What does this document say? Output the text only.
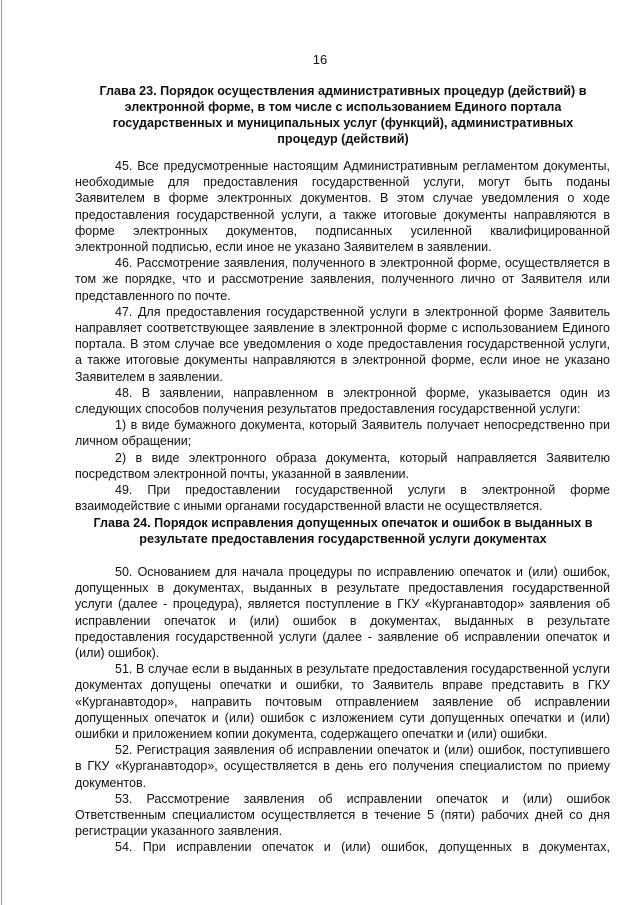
16
Глава 23. Порядок осуществления административных процедур (действий) в электронной форме, в том числе с использованием Единого портала государственных и муниципальных услуг (функций), административных процедур (действий)

45. Все предусмотренные настоящим Административным регламентом документы, необходимые для предоставления государственной услуги, могут быть поданы Заявителем в форме электронных документов. В этом случае уведомления о ходе предоставления государственной услуги, а также итоговые документы направляются в форме электронных документов, подписанных усиленной квалифицированной электронной подписью, если иное не указано Заявителем в заявлении.

46. Рассмотрение заявления, полученного в электронной форме, осуществляется в том же порядке, что и рассмотрение заявления, полученного лично от Заявителя или представленного по почте.

47. Для предоставления государственной услуги в электронной форме Заявитель направляет соответствующее заявление в электронной форме с использованием Единого портала. В этом случае все уведомления о ходе предоставления государственной услуги, а также итоговые документы направляются в электронной форме, если иное не указано Заявителем в заявлении.

48. В заявлении, направленном в электронной форме, указывается один из следующих способов получения результатов предоставления государственной услуги:

1) в виде бумажного документа, который Заявитель получает непосредственно при личном обращении;

2) в виде электронного образа документа, который направляется Заявителю посредством электронной почты, указанной в заявлении.

49. При предоставлении государственной услуги в электронной форме взаимодействие с иными органами государственной власти не осуществляется.

Глава 24. Порядок исправления допущенных опечаток и ошибок в выданных в результате предоставления государственной услуги документах

50. Основанием для начала процедуры по исправлению опечаток и (или) ошибок, допущенных в документах, выданных в результате предоставления государственной услуги (далее - процедура), является поступление в ГКУ «Курганавтодор» заявления об исправлении опечаток и (или) ошибок в документах, выданных в результате предоставления государственной услуги (далее - заявление об исправлении опечаток и (или) ошибок).

51. В случае если в выданных в результате предоставления государственной услуги документах допущены опечатки и ошибки, то Заявитель вправе представить в ГКУ «Курганавтодор», направить почтовым отправлением заявление об исправлении допущенных опечаток и (или) ошибок с изложением сути допущенных опечатки и (или) ошибки и приложением копии документа, содержащего опечатки и (или) ошибки.

52. Регистрация заявления об исправлении опечаток и (или) ошибок, поступившего в ГКУ «Курганавтодор», осуществляется в день его получения специалистом по приему документов.

53. Рассмотрение заявления об исправлении опечаток и (или) ошибок Ответственным специалистом осуществляется в течение 5 (пяти) рабочих дней со дня регистрации указанного заявления.

54. При исправлении опечаток и (или) ошибок, допущенных в документах,
